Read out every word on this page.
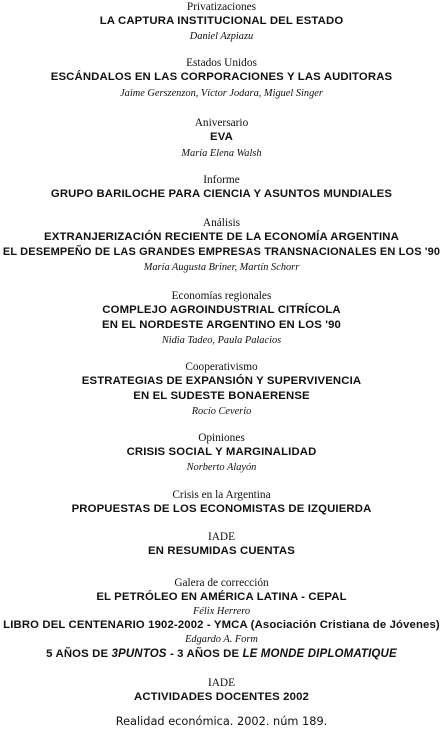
Privatizaciones
LA CAPTURA INSTITUCIONAL DEL ESTADO
Daniel Azpiazu
Estados Unidos
ESCÁNDALOS EN LAS CORPORACIONES Y LAS AUDITORAS
Jaime Gerszenzon, Víctor Jodara, Miguel Singer
Aniversario
EVA
María Elena Walsh
Informe
GRUPO BARILOCHE PARA CIENCIA Y ASUNTOS MUNDIALES
Análisis
EXTRANJERIZACIÓN RECIENTE DE LA ECONOMÍA ARGENTINA
EL DESEMPEÑO DE LAS GRANDES EMPRESAS TRANSNACIONALES EN LOS '90
María Augusta Briner, Martín Schorr
Economías regionales
COMPLEJO AGROINDUSTRIAL CITRÍCOLA
EN EL NORDESTE ARGENTINO EN LOS '90
Nidia Tadeo, Paula Palacios
Cooperativismo
ESTRATEGIAS DE EXPANSIÓN Y SUPERVIVENCIA
EN EL SUDESTE BONAERENSE
Rocío Ceverio
Opiniones
CRISIS SOCIAL Y MARGINALIDAD
Norberto Alayón
Crisis en la Argentina
PROPUESTAS DE LOS ECONOMISTAS DE IZQUIERDA
IADE
EN RESUMIDAS CUENTAS
Galera de corrección
EL PETRÓLEO EN AMÉRICA LATINA - CEPAL
Félix Herrero
LIBRO DEL CENTENARIO 1902-2002 - YMCA (Asociación Cristiana de Jóvenes)
Edgardo A. Form
5 AÑOS DE 3PUNTOS - 3 AÑOS DE LE MONDE DIPLOMATIQUE
IADE
ACTIVIDADES DOCENTES 2002
Realidad económica. 2002. núm 189.
